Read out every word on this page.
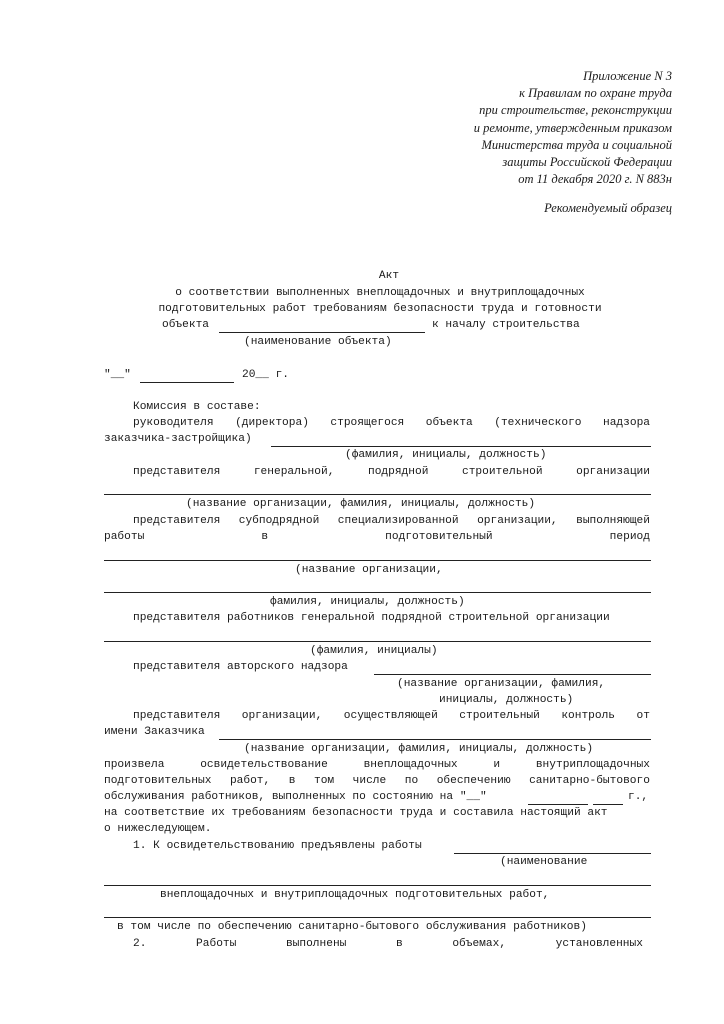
Приложение N 3
к Правилам по охране труда
при строительстве, реконструкции
и ремонте, утвержденным приказом
Министерства труда и социальной
защиты Российской Федерации
от 11 декабря 2020 г. N 883н
Рекомендуемый образец
Акт
о соответствии выполненных внеплощадочных и внутриплощадочных
подготовительных работ требованиям безопасности труда и готовности
объекта	к началу строительства
(наименование объекта)
"__"	20__ г.
Комиссия в составе:
руководителя (директора) строящегося объекта (технического надзора
заказчика-застройщика)
(фамилия, инициалы, должность)
представителя	генеральной,	подрядной	строительной	организации
(название организации, фамилия, инициалы, должность)
представителя субподрядной специализированной организации, выполняющей
работы	в	подготовительный	период
(название организации,
фамилия, инициалы, должность)
представителя работников генеральной подрядной строительной организации
(фамилия, инициалы)
представителя авторского надзора
(название организации, фамилия,
инициалы, должность)
представителя организации, осуществляющей строительный контроль от
имени Заказчика
(название организации, фамилия, инициалы, должность)
произвела	освидетельствование	внеплощадочных	и	внутриплощадочных
подготовительных работ, в том числе по обеспечению санитарно-бытового
обслуживания работников, выполненных по состоянию на "__"	г.,
на соответствие их требованиям безопасности труда и составила настоящий акт
о нижеследующем.
1. К освидетельствованию предъявлены работы
(наименование
внеплощадочных и внутриплощадочных подготовительных работ,
в том числе по обеспечению санитарно-бытового обслуживания работников)
2.	Работы	выполнены	в	объемах,	установленных
